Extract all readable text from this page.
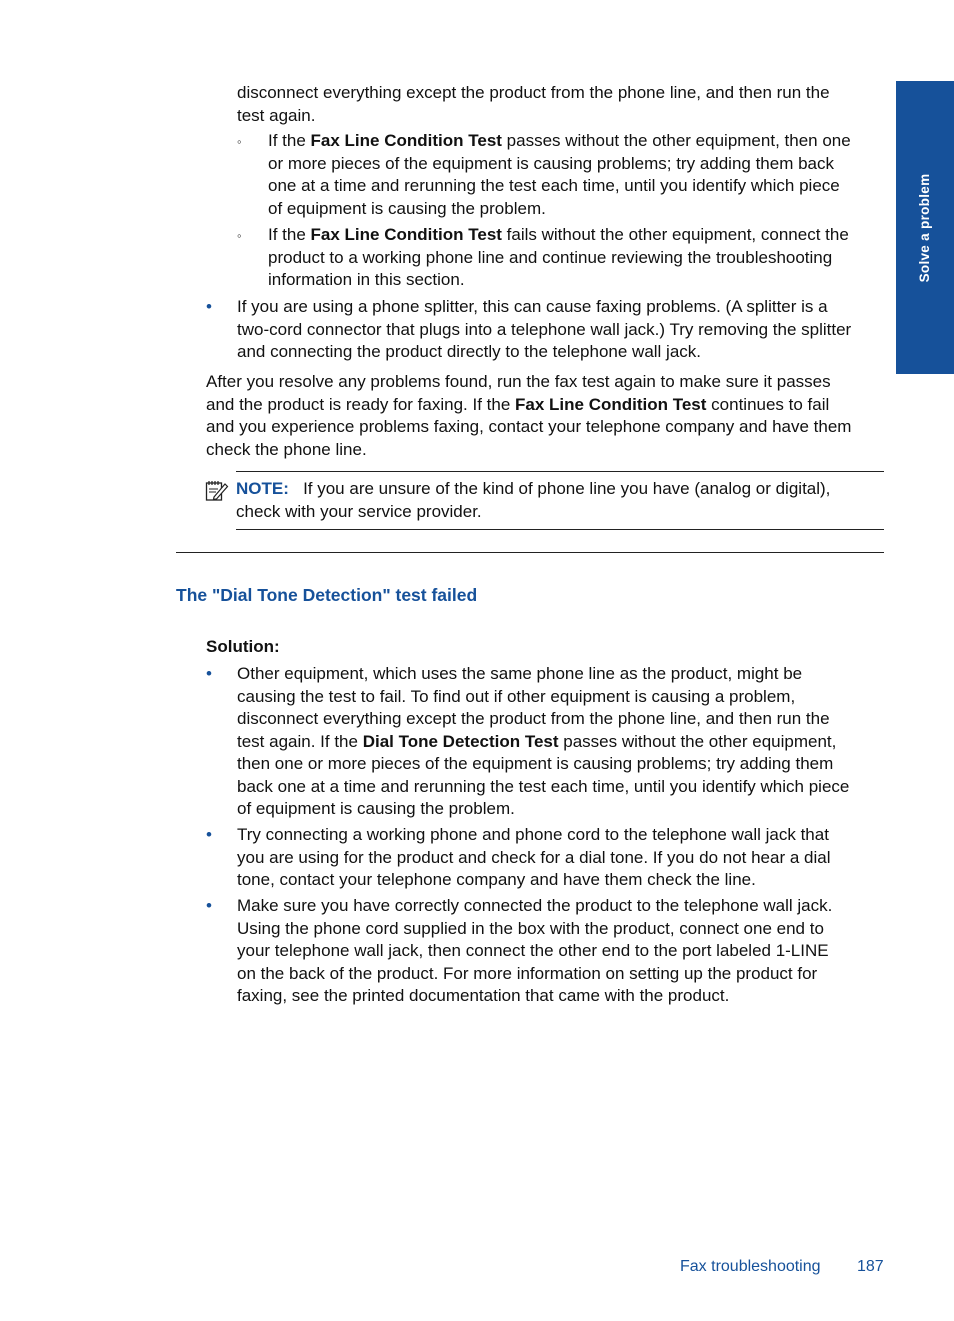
Solve a problem
disconnect everything except the product from the phone line, and then run the
test again.
◦ If the Fax Line Condition Test passes without the other equipment, then one
or more pieces of the equipment is causing problems; try adding them back
one at a time and rerunning the test each time, until you identify which piece
of equipment is causing the problem.
◦ If the Fax Line Condition Test fails without the other equipment, connect the
product to a working phone line and continue reviewing the troubleshooting
information in this section.
• If you are using a phone splitter, this can cause faxing problems. (A splitter is a
two-cord connector that plugs into a telephone wall jack.) Try removing the splitter
and connecting the product directly to the telephone wall jack.
After you resolve any problems found, run the fax test again to make sure it passes
and the product is ready for faxing. If the Fax Line Condition Test continues to fail
and you experience problems faxing, contact your telephone company and have them
check the phone line.
NOTE: If you are unsure of the kind of phone line you have (analog or digital),
check with your service provider.
The "Dial Tone Detection" test failed
Solution:
• Other equipment, which uses the same phone line as the product, might be
causing the test to fail. To find out if other equipment is causing a problem,
disconnect everything except the product from the phone line, and then run the
test again. If the Dial Tone Detection Test passes without the other equipment,
then one or more pieces of the equipment is causing problems; try adding them
back one at a time and rerunning the test each time, until you identify which piece
of equipment is causing the problem.
• Try connecting a working phone and phone cord to the telephone wall jack that
you are using for the product and check for a dial tone. If you do not hear a dial
tone, contact your telephone company and have them check the line.
• Make sure you have correctly connected the product to the telephone wall jack.
Using the phone cord supplied in the box with the product, connect one end to
your telephone wall jack, then connect the other end to the port labeled 1-LINE
on the back of the product. For more information on setting up the product for
faxing, see the printed documentation that came with the product.
Fax troubleshooting 187
